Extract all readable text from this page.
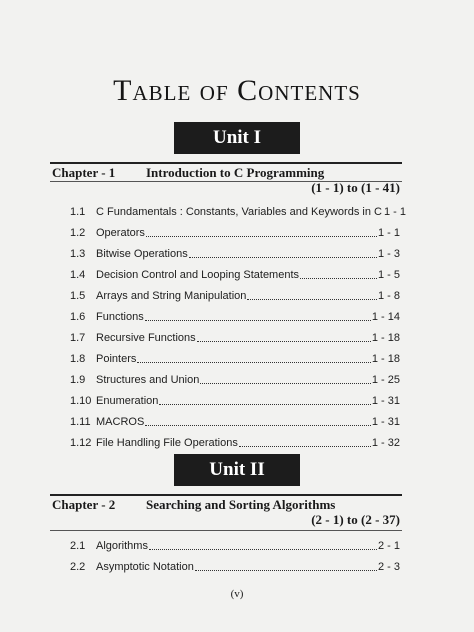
Table of Contents
Unit I
Chapter - 1 Introduction to C Programming
(1 - 1) to (1 - 41)
1.1 C Fundamentals : Constants, Variables and Keywords in C 1 - 1
1.2 Operators	1 - 1
1.3 Bitwise Operations	1 - 3
1.4 Decision Control and Looping Statements	1 - 5
1.5 Arrays and String Manipulation	1 - 8
1.6 Functions	1 - 14
1.7 Recursive Functions	1 - 18
1.8 Pointers	1 - 18
1.9 Structures and Union	1 - 25
1.10 Enumeration	1 - 31
1.11 MACROS	1 - 31
1.12 File Handling File Operations	1 - 32
Unit II
Chapter - 2 Searching and Sorting Algorithms
(2 - 1) to (2 - 37)
2.1 Algorithms	2 - 1
2.2 Asymptotic Notation	2 - 3
(v)
